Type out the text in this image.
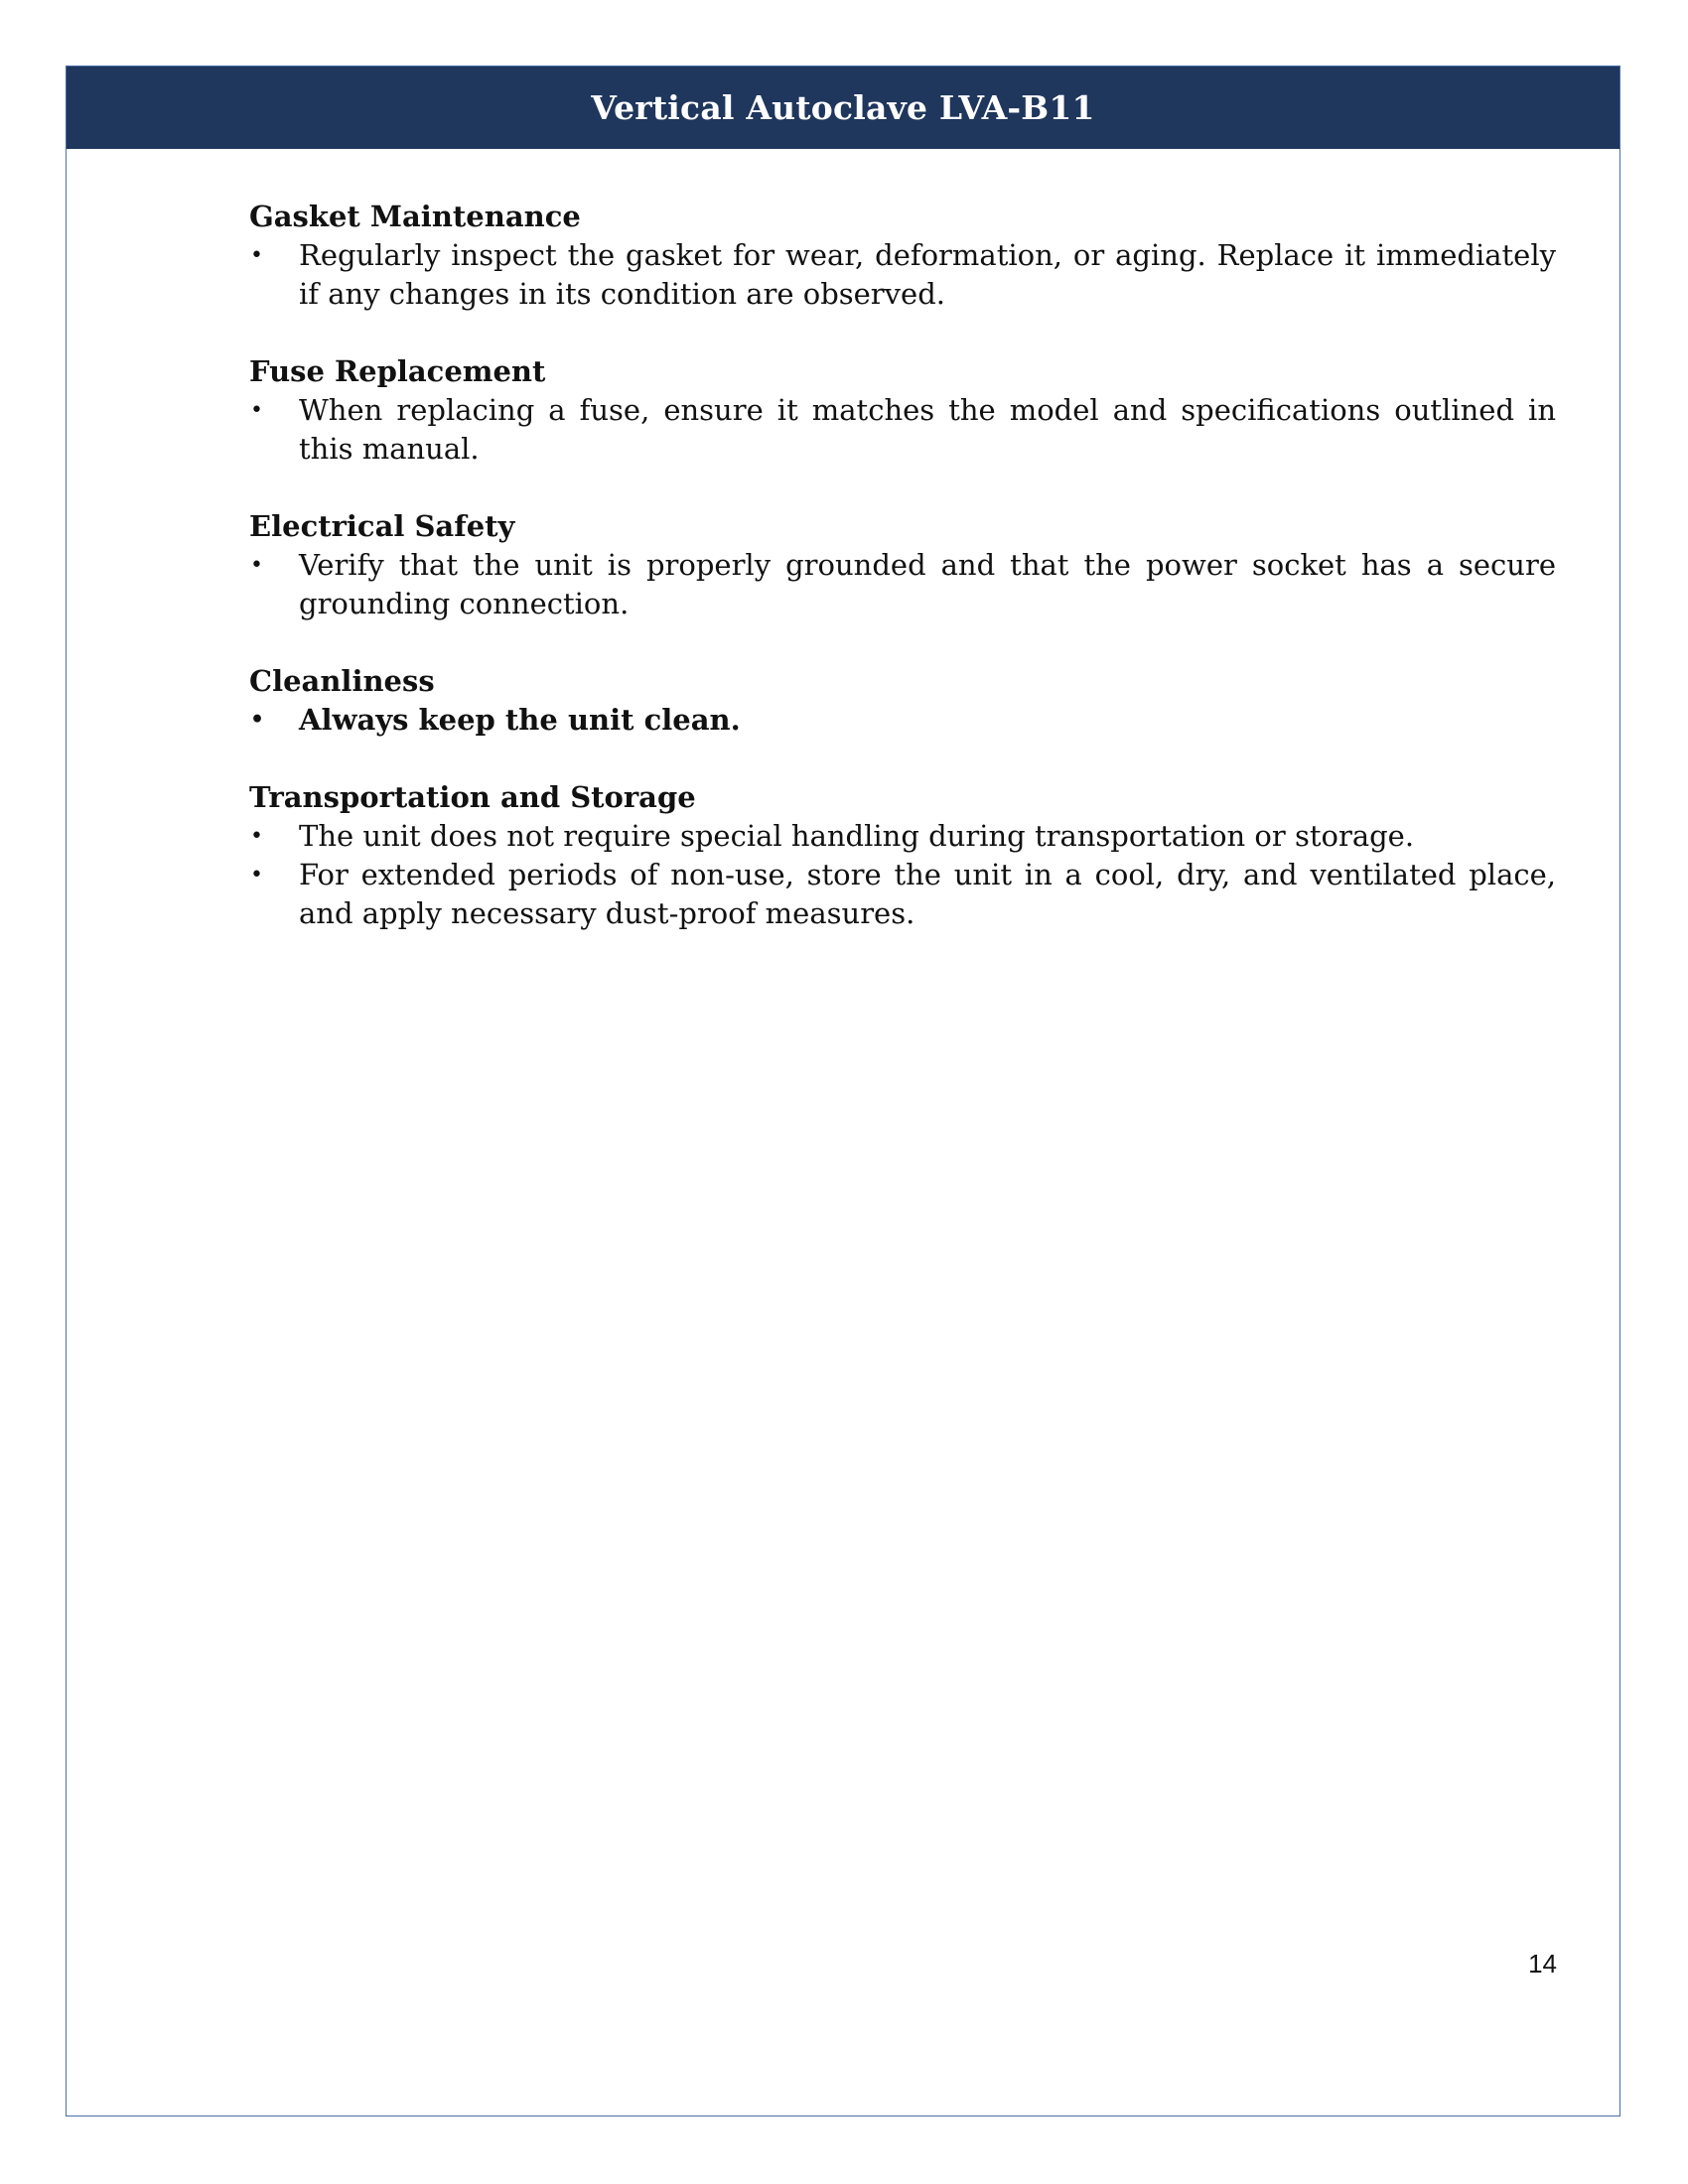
Vertical Autoclave LVA-B11

Gasket Maintenance

• Regularly inspect the gasket for wear, deformation, or aging. Replace it immediately if any changes in its condition are observed.

Fuse Replacement

• When replacing a fuse, ensure it matches the model and specifications outlined in this manual.

Electrical Safety

• Verify that the unit is properly grounded and that the power socket has a secure grounding connection.

Cleanliness

• Always keep the unit clean.

Transportation and Storage

• The unit does not require special handling during transportation or storage.
• For extended periods of non-use, store the unit in a cool, dry, and ventilated place, and apply necessary dust-proof measures.
14
